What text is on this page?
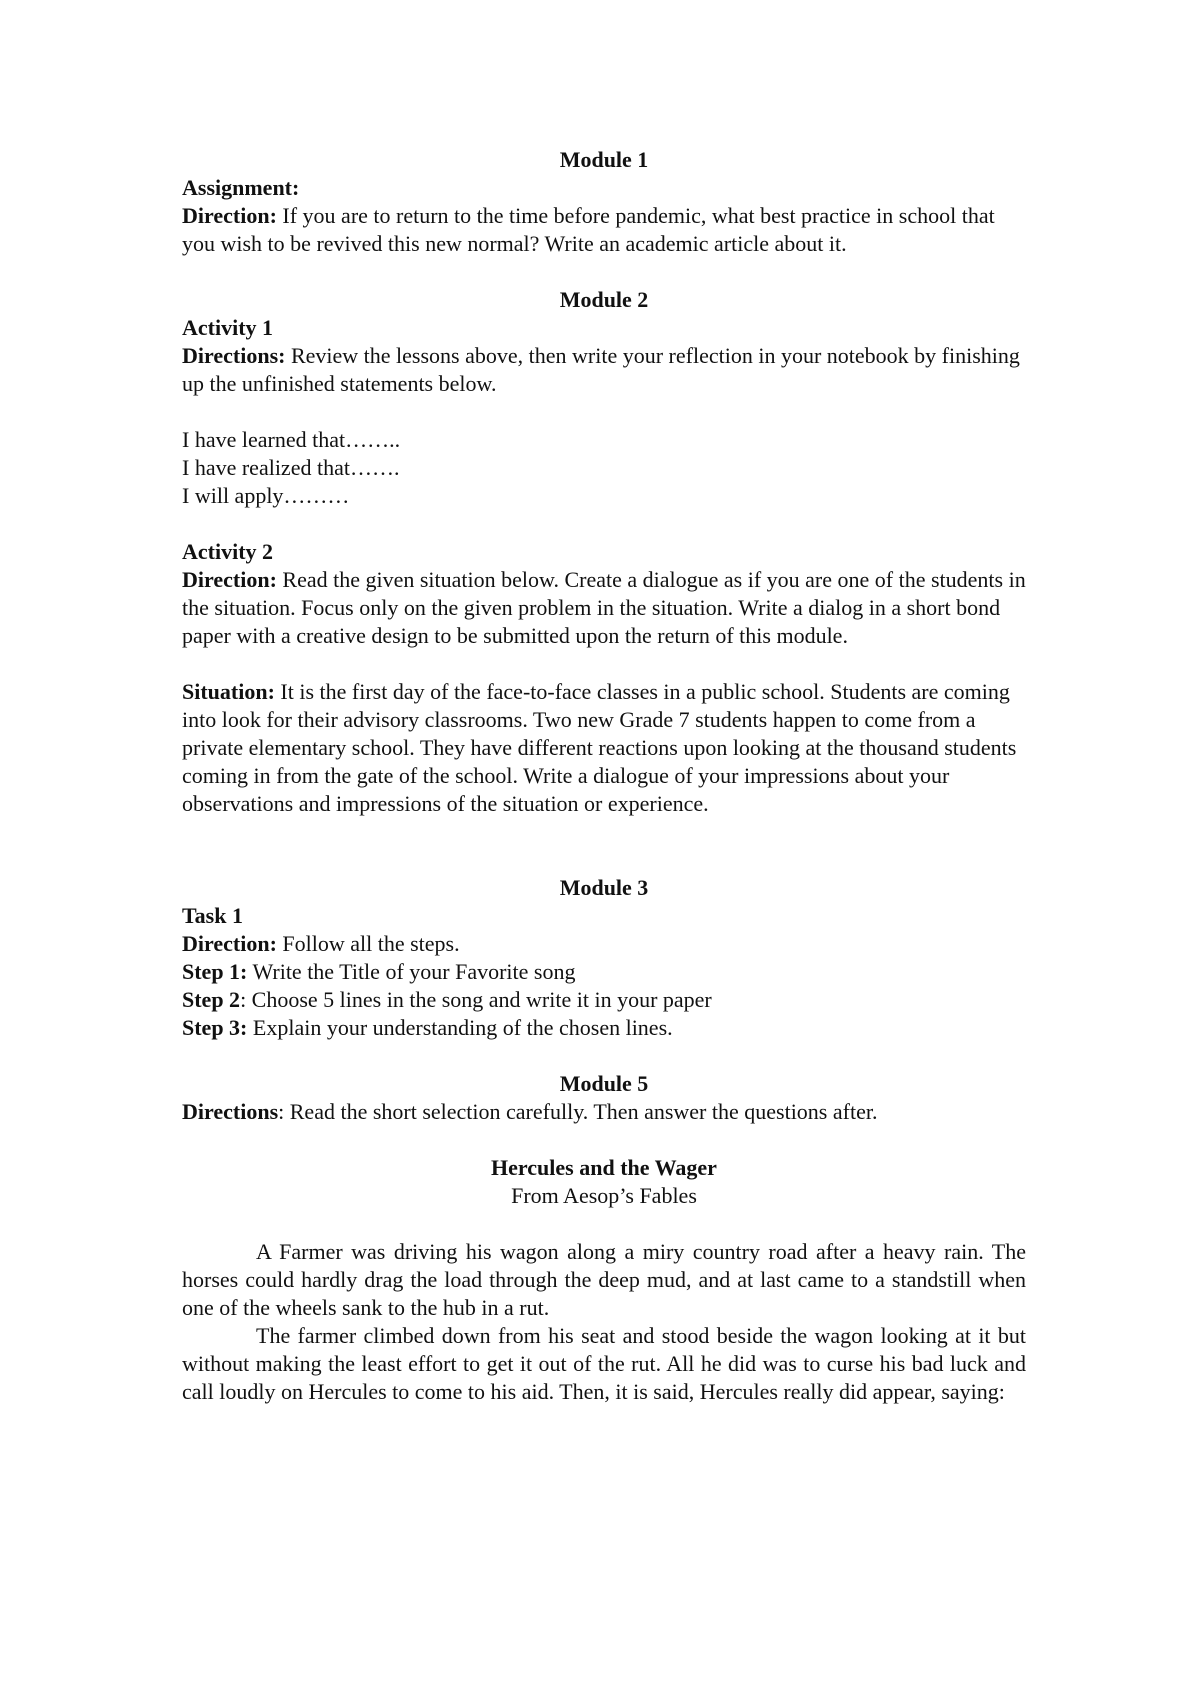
Module 1

Assignment:

Direction: If you are to return to the time before pandemic, what best practice in school that you wish to be revived this new normal? Write an academic article about it.

Module 2

Activity 1

Directions: Review the lessons above, then write your reflection in your notebook by finishing up the unfinished statements below.

I have learned that……..

I have realized that…….

I will apply………

Activity 2

Direction: Read the given situation below. Create a dialogue as if you are one of the students in the situation. Focus only on the given problem in the situation. Write a dialog in a short bond paper with a creative design to be submitted upon the return of this module.

Situation: It is the first day of the face-to-face classes in a public school. Students are coming into look for their advisory classrooms. Two new Grade 7 students happen to come from a private elementary school. They have different reactions upon looking at the thousand students coming in from the gate of the school. Write a dialogue of your impressions about your observations and impressions of the situation or experience.

Module 3

Task 1

Direction: Follow all the steps.

Step 1: Write the Title of your Favorite song

Step 2: Choose 5 lines in the song and write it in your paper

Step 3: Explain your understanding of the chosen lines.

Module 5

Directions: Read the short selection carefully. Then answer the questions after.

Hercules and the Wager

From Aesop’s Fables

A Farmer was driving his wagon along a miry country road after a heavy rain. The horses could hardly drag the load through the deep mud, and at last came to a standstill when one of the wheels sank to the hub in a rut.

The farmer climbed down from his seat and stood beside the wagon looking at it but without making the least effort to get it out of the rut. All he did was to curse his bad luck and call loudly on Hercules to come to his aid. Then, it is said, Hercules really did appear, saying:
